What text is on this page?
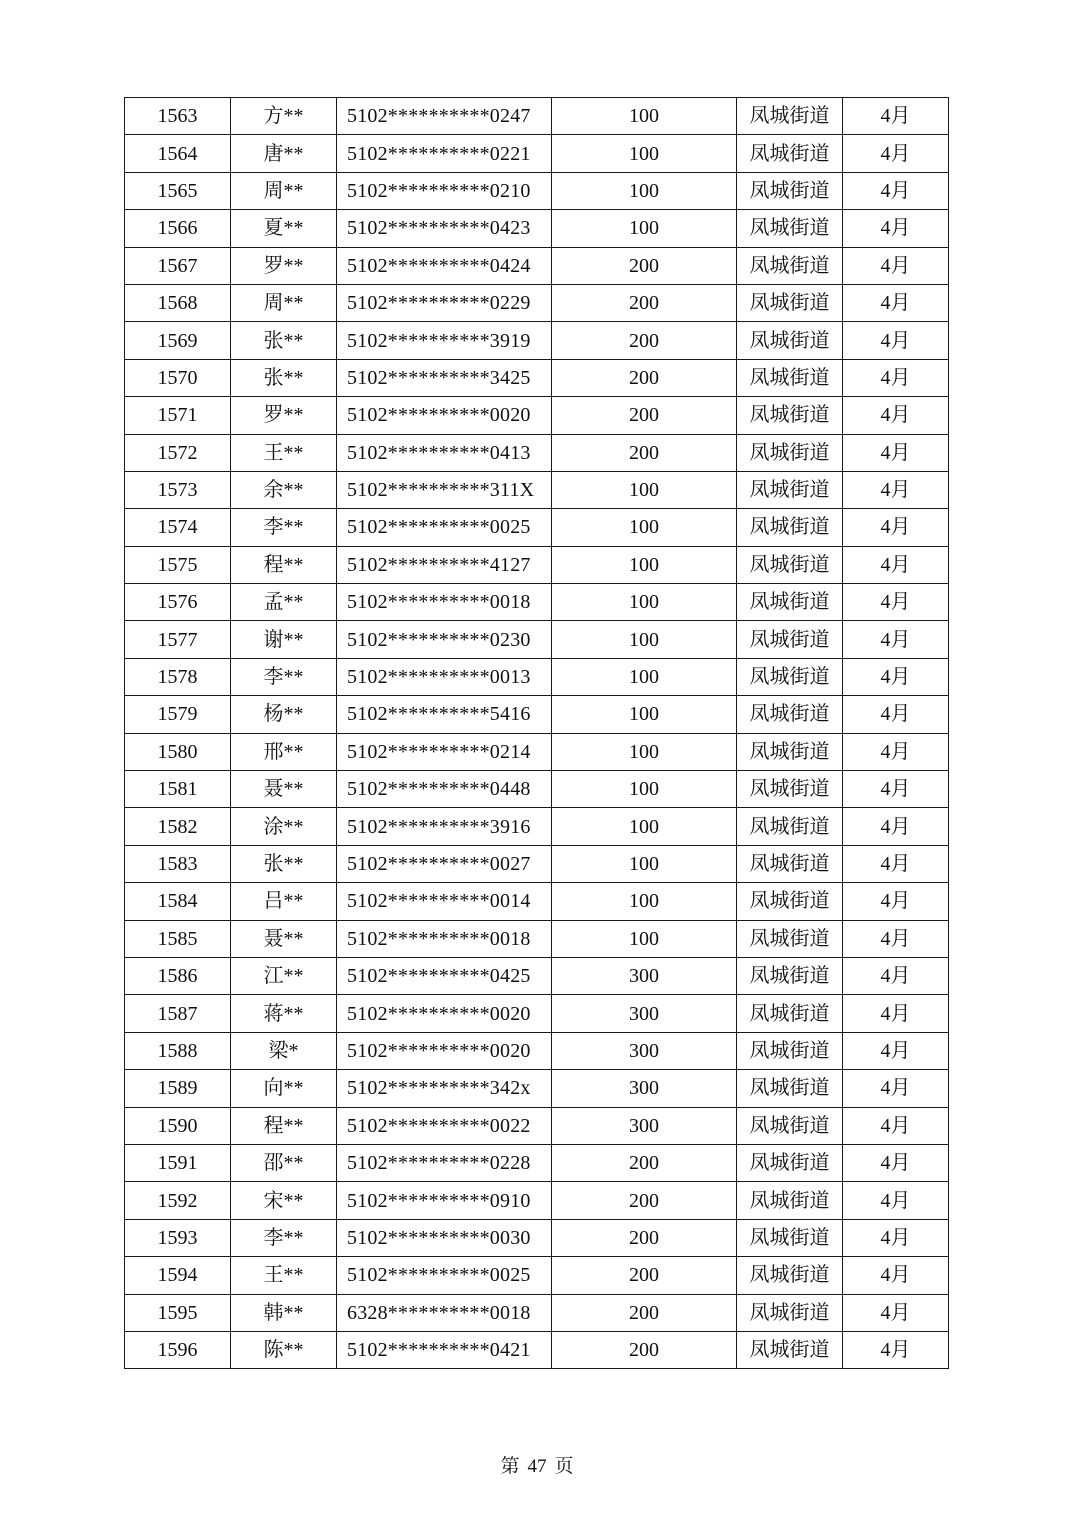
1563	方**	5102**********0247	100	凤城街道	4月
1564	唐**	5102**********0221	100	凤城街道	4月
1565	周**	5102**********0210	100	凤城街道	4月
1566	夏**	5102**********0423	100	凤城街道	4月
1567	罗**	5102**********0424	200	凤城街道	4月
1568	周**	5102**********0229	200	凤城街道	4月
1569	张**	5102**********3919	200	凤城街道	4月
1570	张**	5102**********3425	200	凤城街道	4月
1571	罗**	5102**********0020	200	凤城街道	4月
1572	王**	5102**********0413	200	凤城街道	4月
1573	余**	5102**********311X	100	凤城街道	4月
1574	李**	5102**********0025	100	凤城街道	4月
1575	程**	5102**********4127	100	凤城街道	4月
1576	孟**	5102**********0018	100	凤城街道	4月
1577	谢**	5102**********0230	100	凤城街道	4月
1578	李**	5102**********0013	100	凤城街道	4月
1579	杨**	5102**********5416	100	凤城街道	4月
1580	邢**	5102**********0214	100	凤城街道	4月
1581	聂**	5102**********0448	100	凤城街道	4月
1582	涂**	5102**********3916	100	凤城街道	4月
1583	张**	5102**********0027	100	凤城街道	4月
1584	吕**	5102**********0014	100	凤城街道	4月
1585	聂**	5102**********0018	100	凤城街道	4月
1586	江**	5102**********0425	300	凤城街道	4月
1587	蒋**	5102**********0020	300	凤城街道	4月
1588	梁*	5102**********0020	300	凤城街道	4月
1589	向**	5102**********342x	300	凤城街道	4月
1590	程**	5102**********0022	300	凤城街道	4月
1591	邵**	5102**********0228	200	凤城街道	4月
1592	宋**	5102**********0910	200	凤城街道	4月
1593	李**	5102**********0030	200	凤城街道	4月
1594	王**	5102**********0025	200	凤城街道	4月
1595	韩**	6328**********0018	200	凤城街道	4月
1596	陈**	5102**********0421	200	凤城街道	4月
第 47 页
